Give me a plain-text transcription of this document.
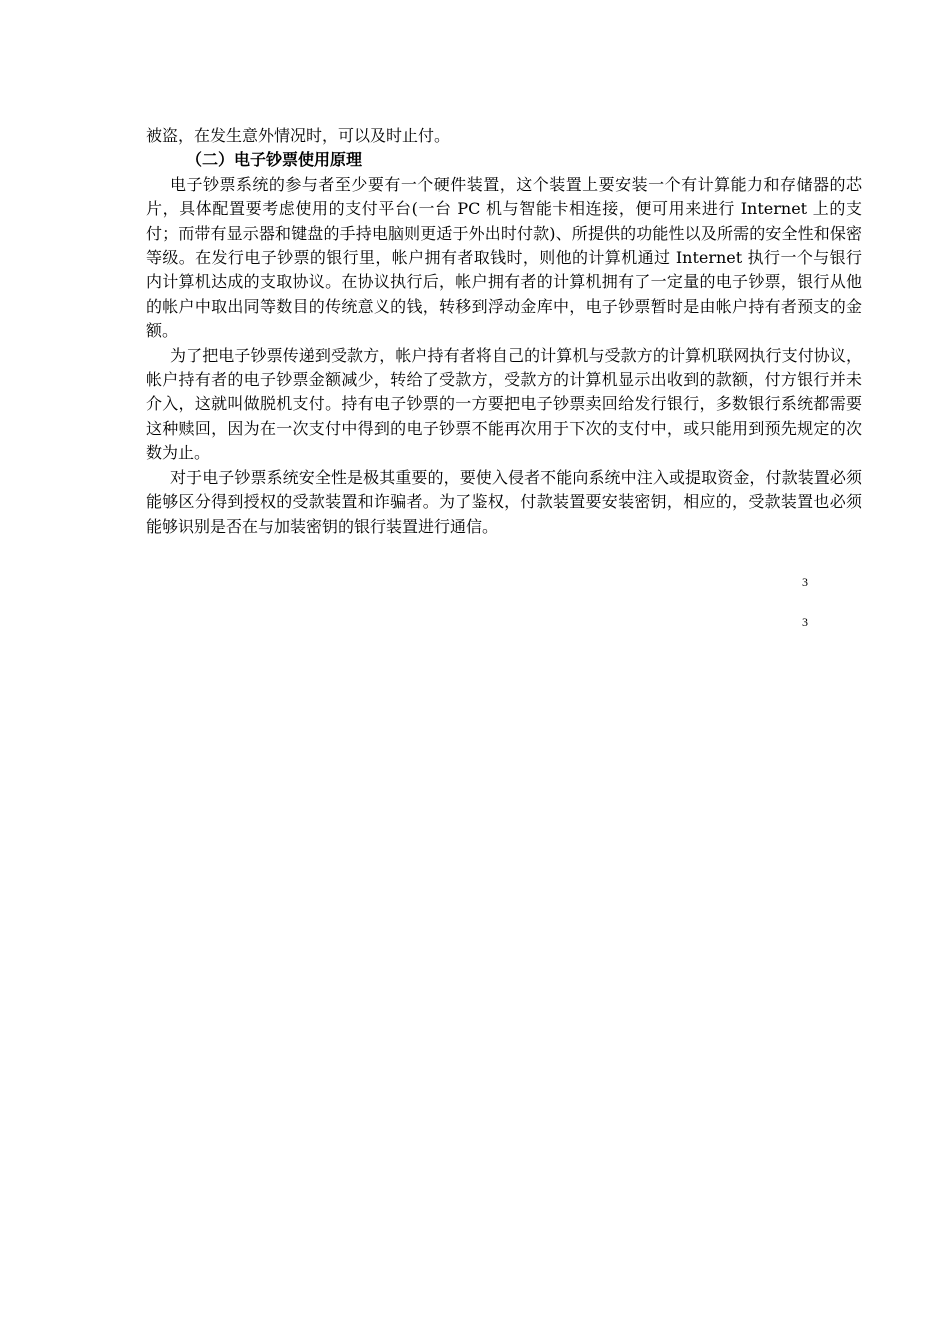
被盗，在发生意外情况时，可以及时止付。

（二）电子钞票使用原理

电子钞票系统的参与者至少要有一个硬件装置，这个装置上要安装一个有计算能力和存储器的芯片，具体配置要考虑使用的支付平台(一台 PC 机与智能卡相连接，便可用来进行 Internet 上的支付；而带有显示器和键盘的手持电脑则更适于外出时付款)、所提供的功能性以及所需的安全性和保密等级。在发行电子钞票的银行里，帐户拥有者取钱时，则他的计算机通过 Internet 执行一个与银行内计算机达成的支取协议。在协议执行后，帐户拥有者的计算机拥有了一定量的电子钞票，银行从他的帐户中取出同等数目的传统意义的钱，转移到浮动金库中，电子钞票暂时是由帐户持有者预支的金额。

为了把电子钞票传递到受款方，帐户持有者将自己的计算机与受款方的计算机联网执行支付协议，帐户持有者的电子钞票金额减少，转给了受款方，受款方的计算机显示出收到的款额，付方银行并未介入，这就叫做脱机支付。持有电子钞票的一方要把电子钞票卖回给发行银行，多数银行系统都需要这种赎回，因为在一次支付中得到的电子钞票不能再次用于下次的支付中，或只能用到预先规定的次数为止。

对于电子钞票系统安全性是极其重要的，要使入侵者不能向系统中注入或提取资金，付款装置必须能够区分得到授权的受款装置和诈骗者。为了鉴权，付款装置要安装密钥，相应的，受款装置也必须能够识别是否在与加装密钥的银行装置进行通信。

3
3
